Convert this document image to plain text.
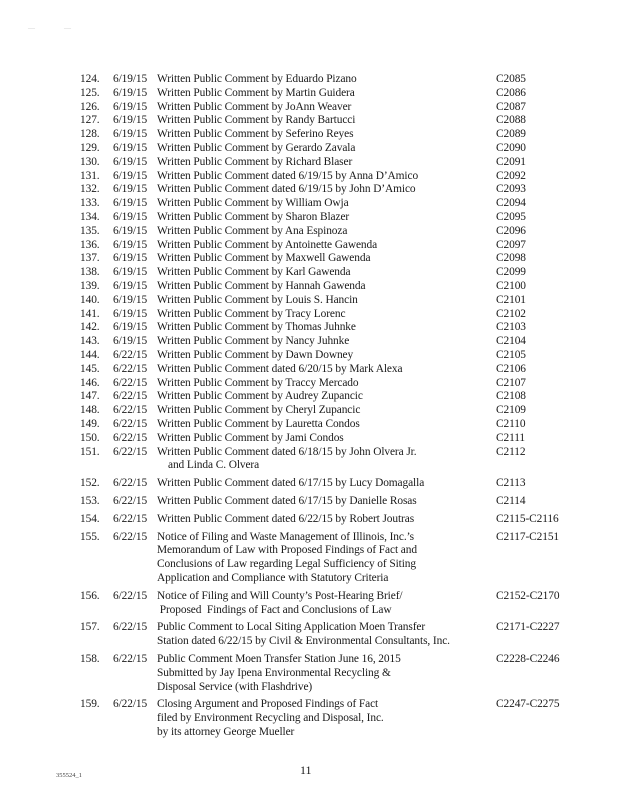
—	—
124.	6/19/15 Written Public Comment by Eduardo Pizano	C2085
125.	6/19/15 Written Public Comment by Martin Guidera	C2086
126.	6/19/15 Written Public Comment by JoAnn Weaver	C2087
127.	6/19/15 Written Public Comment by Randy Bartucci	C2088
128.	6/19/15 Written Public Comment by Seferino Reyes	C2089
129.	6/19/15 Written Public Comment by Gerardo Zavala	C2090
130.	6/19/15 Written Public Comment by Richard Blaser	C2091
131.	6/19/15 Written Public Comment dated 6/19/15 by Anna D’Amico	C2092
132.	6/19/15 Written Public Comment dated 6/19/15 by John D’Amico	C2093
133.	6/19/15 Written Public Comment by William Owja	C2094
134.	6/19/15 Written Public Comment by Sharon Blazer	C2095
135.	6/19/15 Written Public Comment by Ana Espinoza	C2096
136.	6/19/15 Written Public Comment by Antoinette Gawenda	C2097
137.	6/19/15 Written Public Comment by Maxwell Gawenda	C2098
138.	6/19/15 Written Public Comment by Karl Gawenda	C2099
139.	6/19/15 Written Public Comment by Hannah Gawenda	C2100
140.	6/19/15 Written Public Comment by Louis S. Hancin	C2101
141.	6/19/15 Written Public Comment by Tracy Lorenc	C2102
142.	6/19/15 Written Public Comment by Thomas Juhnke	C2103
143.	6/19/15 Written Public Comment by Nancy Juhnke	C2104
144.	6/22/15 Written Public Comment by Dawn Downey	C2105
145.	6/22/15 Written Public Comment dated 6/20/15 by Mark Alexa	C2106
146.	6/22/15 Written Public Comment by Traccy Mercado	C2107
147.	6/22/15 Written Public Comment by Audrey Zupancic	C2108
148.	6/22/15 Written Public Comment by Cheryl Zupancic	C2109
149.	6/22/15 Written Public Comment by Lauretta Condos	C2110
150.	6/22/15 Written Public Comment by Jami Condos	C2111
151.	6/22/15 Written Public Comment dated 6/18/15 by John Olvera Jr.
and Linda C. Olvera
C2112
152.	6/22/15 Written Public Comment dated 6/17/15 by Lucy Domagalla	C2113
153.	6/22/15 Written Public Comment dated 6/17/15 by Danielle Rosas	C2114
154.	6/22/15 Written Public Comment dated 6/22/15 by Robert Joutras	C2115-C2116
155.	6/22/15 Notice of Filing and Waste Management of Illinois, Inc.’s
Memorandum of Law with Proposed Findings of Fact and
Conclusions of Law regarding Legal Sufficiency of Siting
Application and Compliance with Statutory Criteria
C2117-C2151
156.	6/22/15 Notice of Filing and Will County’s Post-Hearing Brief/
Proposed  Findings of Fact and Conclusions of Law
C2152-C2170
157.	6/22/15 Public Comment to Local Siting Application Moen Transfer
Station dated 6/22/15 by Civil & Environmental Consultants, Inc.
C2171-C2227
158.	6/22/15 Public Comment Moen Transfer Station June 16, 2015
Submitted by Jay Ipena Environmental Recycling &
Disposal Service (with Flashdrive)
C2228-C2246
159.	6/22/15 Closing Argument and Proposed Findings of Fact
filed by Environment Recycling and Disposal, Inc.
by its attorney George Mueller
C2247-C2275
355524_1	11
